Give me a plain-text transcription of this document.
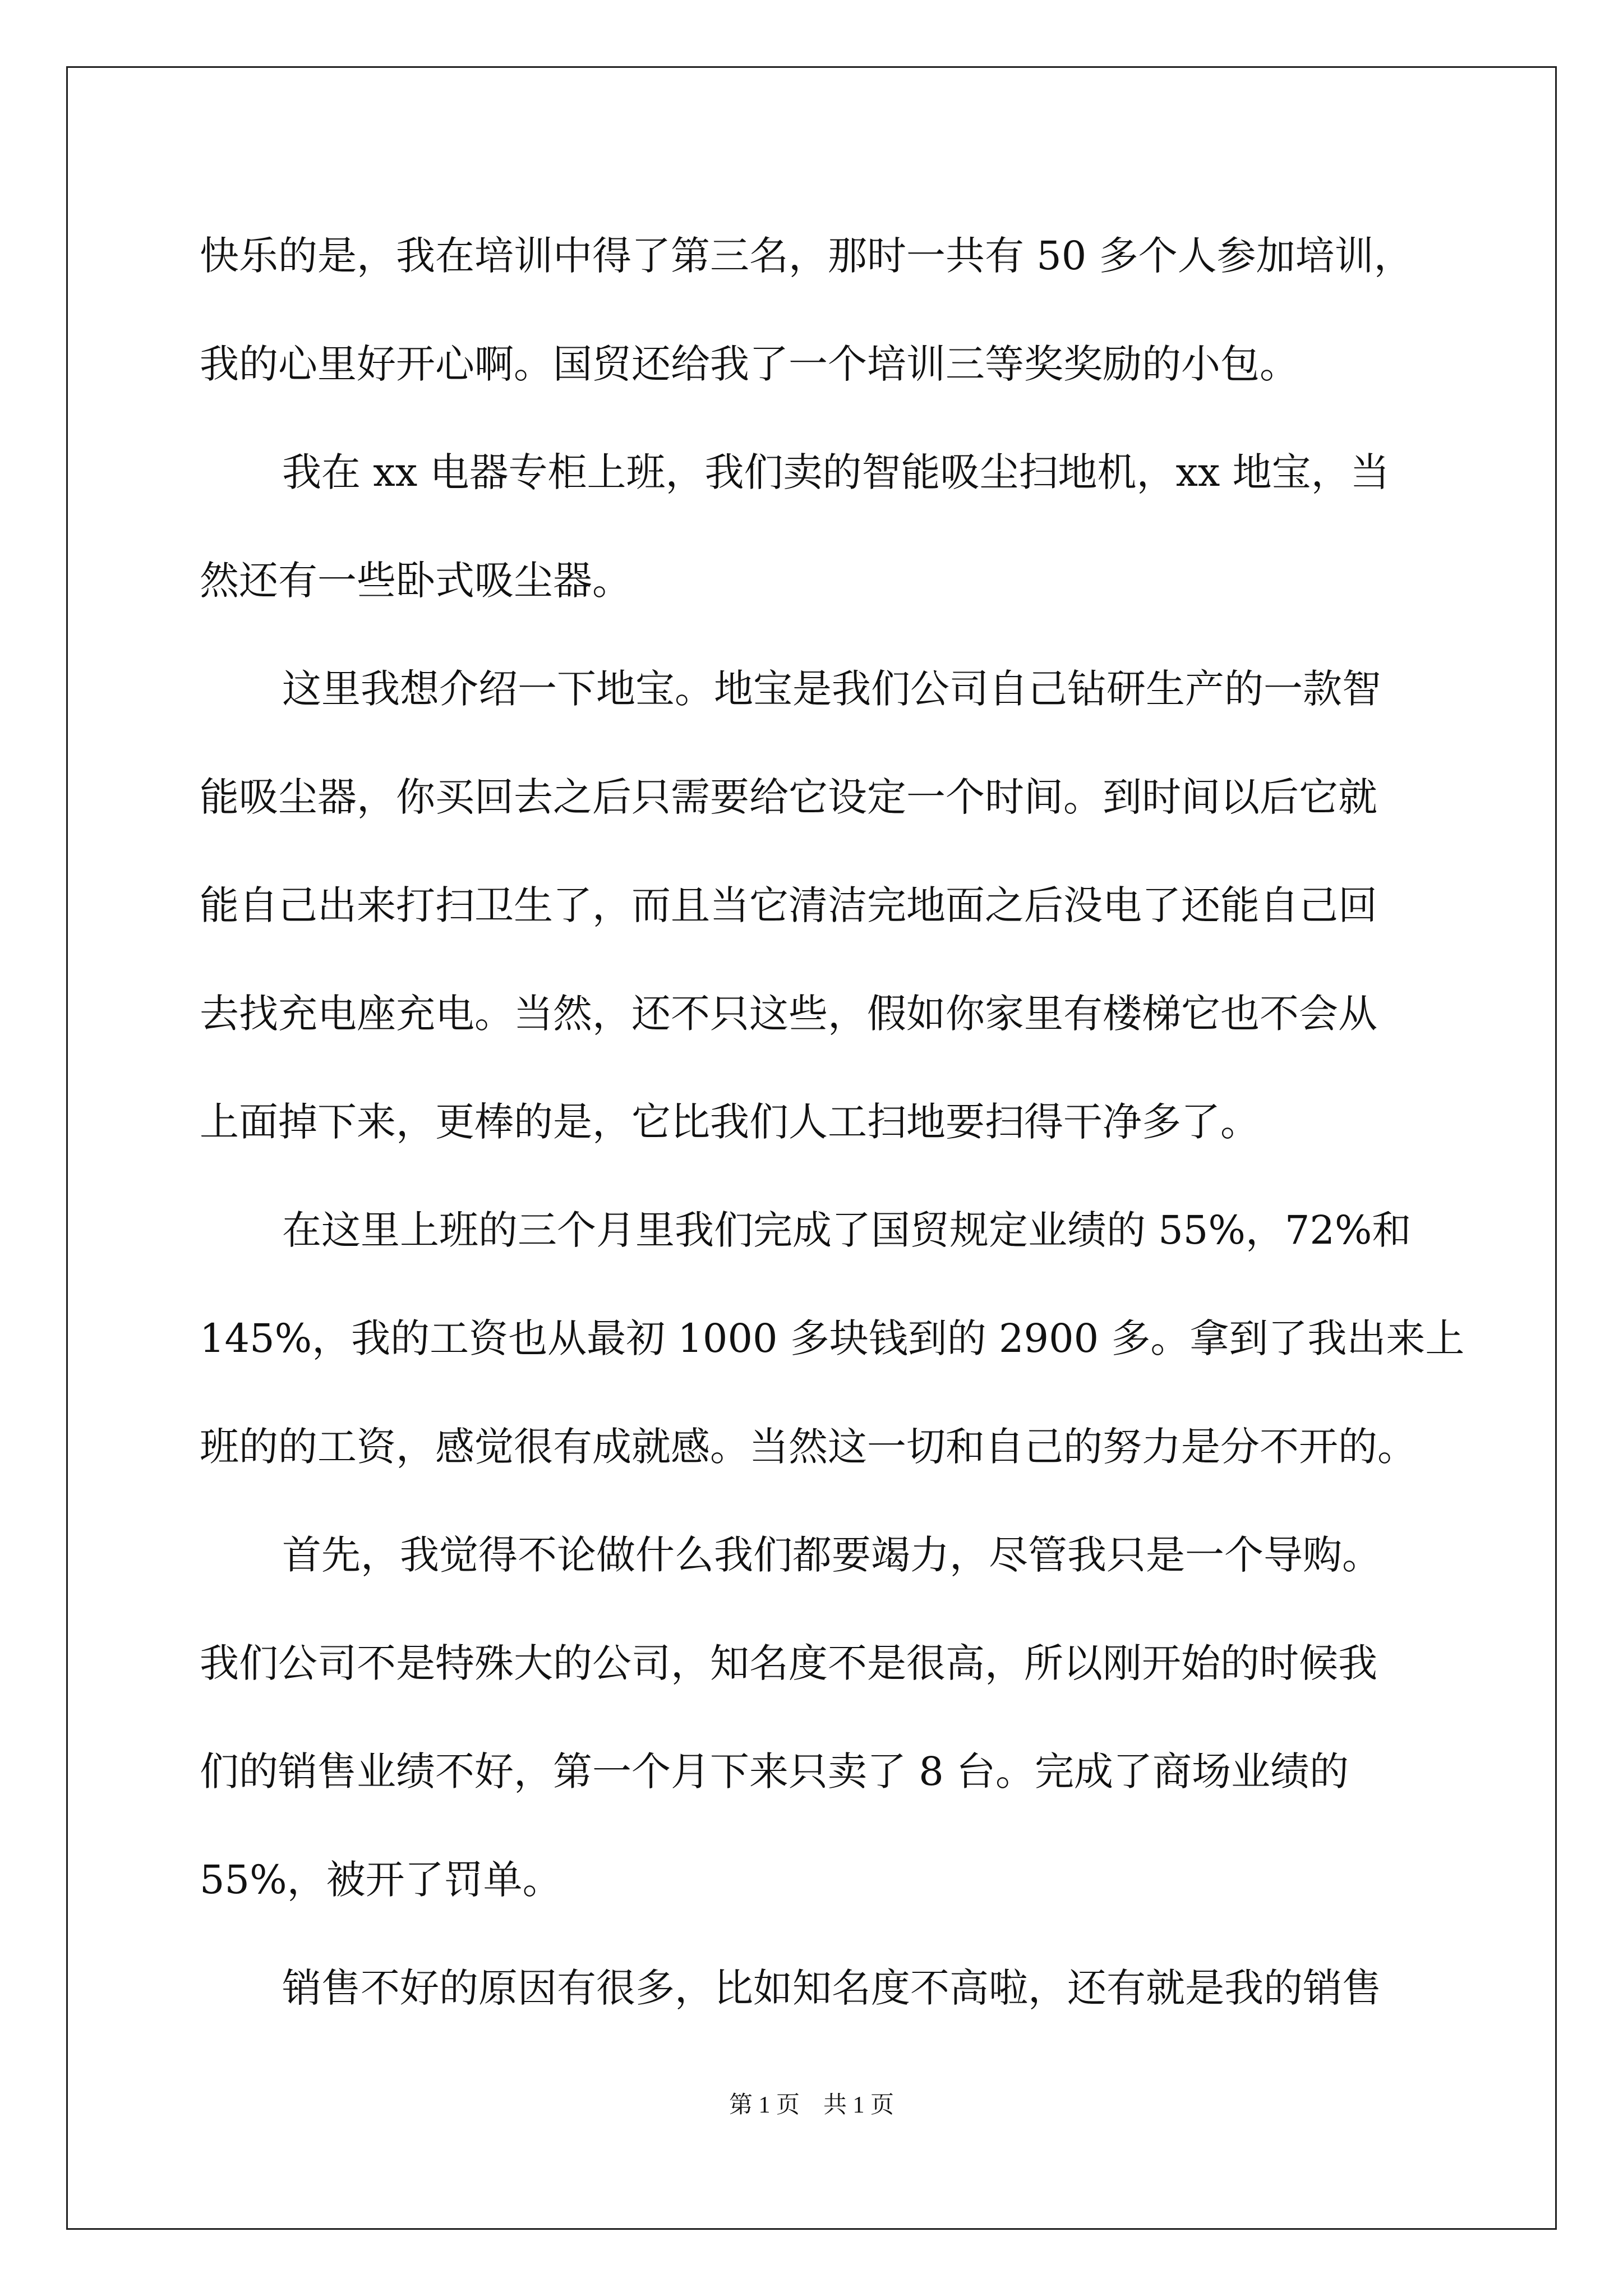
快乐的是，我在培训中得了第三名，那时一共有 50 多个人参加培训，
我的心里好开心啊。国贸还给我了一个培训三等奖奖励的小包。
我在 xx 电器专柜上班，我们卖的智能吸尘扫地机，xx 地宝，当
然还有一些卧式吸尘器。
这里我想介绍一下地宝。地宝是我们公司自己钻研生产的一款智
能吸尘器，你买回去之后只需要给它设定一个时间。到时间以后它就
能自己出来打扫卫生了，而且当它清洁完地面之后没电了还能自己回
去找充电座充电。当然，还不只这些，假如你家里有楼梯它也不会从
上面掉下来，更棒的是，它比我们人工扫地要扫得干净多了。
在这里上班的三个月里我们完成了国贸规定业绩的 55%，72%和
145%，我的工资也从最初 1000 多块钱到的 2900 多。拿到了我出来上
班的的工资，感觉很有成就感。当然这一切和自己的努力是分不开的。
首先，我觉得不论做什么我们都要竭力，尽管我只是一个导购。
我们公司不是特殊大的公司，知名度不是很高，所以刚开始的时候我
们的销售业绩不好，第一个月下来只卖了 8 台。完成了商场业绩的
55%，被开了罚单。
销售不好的原因有很多，比如知名度不高啦，还有就是我的销售
第 1 页　共 1 页
